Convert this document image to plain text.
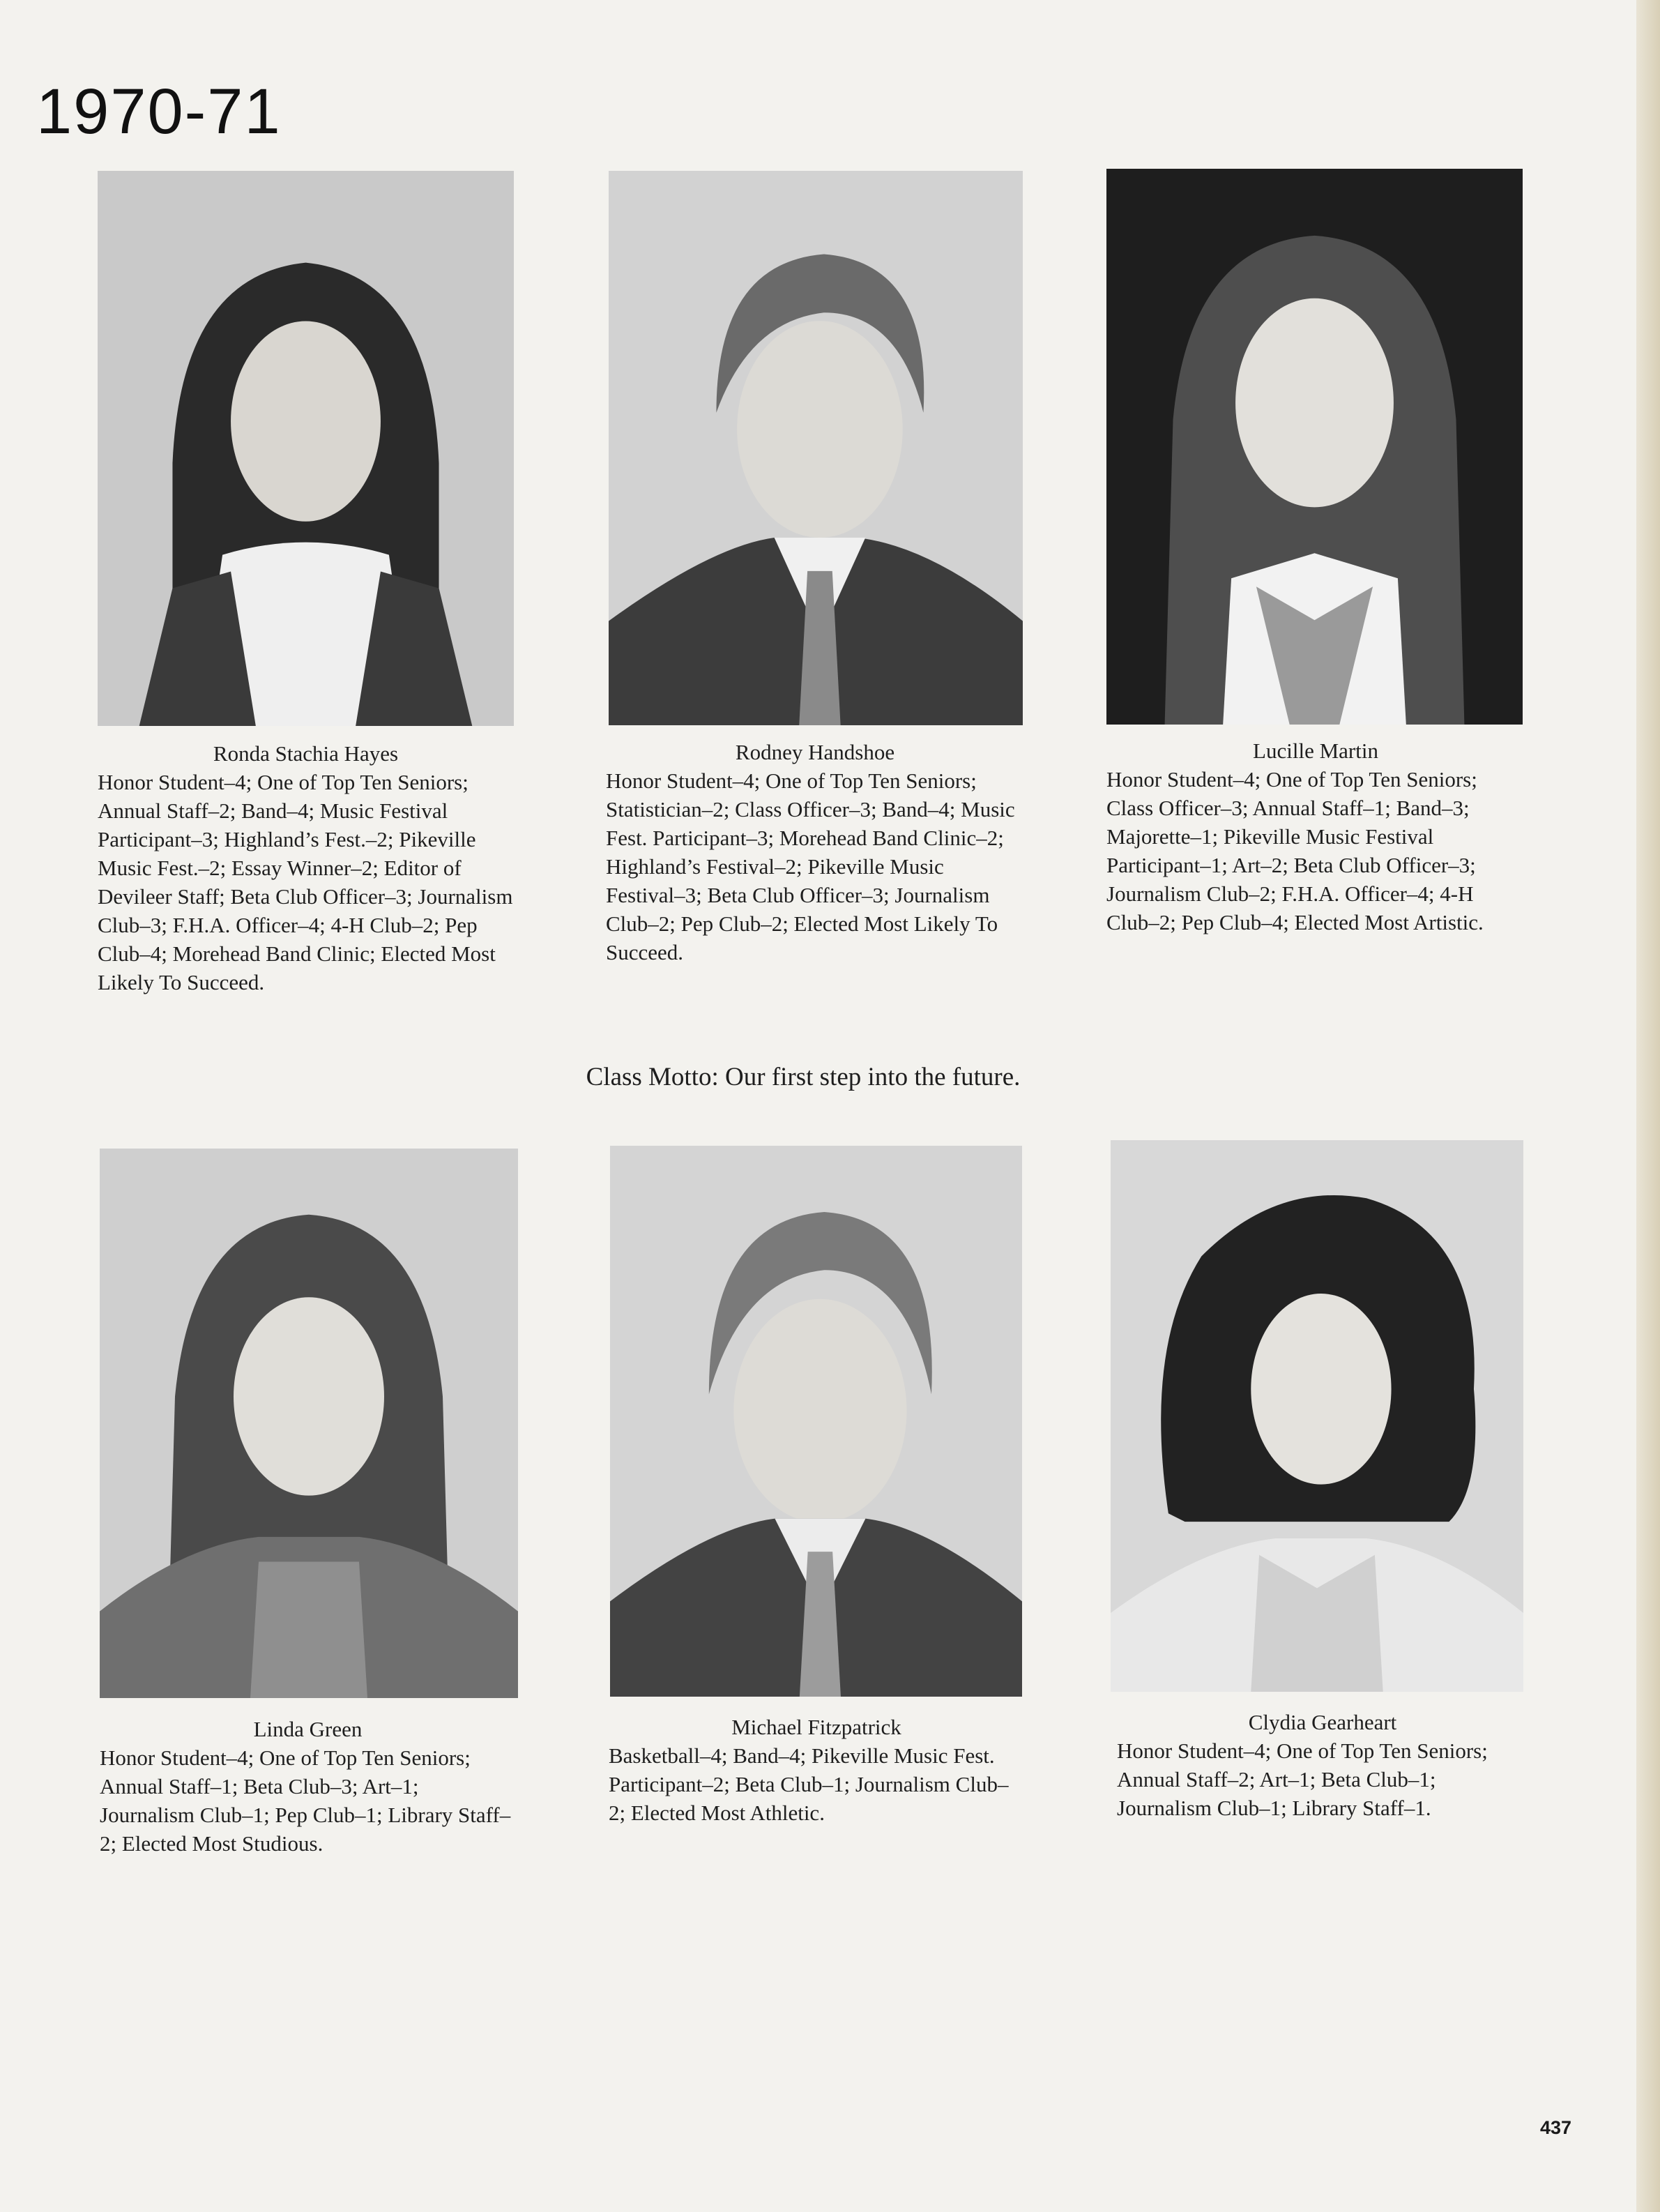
1970-71
Ronda Stachia Hayes
Honor Student–4; One of Top Ten Seniors; Annual Staff–2; Band–4; Music Festival Participant–3; Highland’s Fest.–2; Pikeville Music Fest.–2; Essay Winner–2; Editor of Devileer Staff; Beta Club Officer–3; Journalism Club–3; F.H.A. Officer–4; 4-H Club–2; Pep Club–4; Morehead Band Clinic; Elected Most Likely To Succeed.
Rodney Handshoe
Honor Student–4; One of Top Ten Seniors; Statistician–2; Class Officer–3; Band–4; Music Fest. Participant–3; Morehead Band Clinic–2; Highland’s Festival–2; Pikeville Music Festival–3; Beta Club Officer–3; Journalism Club–2; Pep Club–2; Elected Most Likely To Succeed.
Lucille Martin
Honor Student–4; One of Top Ten Seniors; Class Officer–3; Annual Staff–1; Band–3; Majorette–1; Pikeville Music Festival Participant–1; Art–2; Beta Club Officer–3; Journalism Club–2; F.H.A. Officer–4; 4-H Club–2; Pep Club–4; Elected Most Artistic.
Class Motto: Our first step into the future.
Linda Green
Honor Student–4; One of Top Ten Seniors; Annual Staff–1; Beta Club–3; Art–1; Journalism Club–1; Pep Club–1; Library Staff–2; Elected Most Studious.
Michael Fitzpatrick
Basketball–4; Band–4; Pikeville Music Fest. Participant–2; Beta Club–1; Journalism Club–2; Elected Most Athletic.
Clydia Gearheart
Honor Student–4; One of Top Ten Seniors; Annual Staff–2; Art–1; Beta Club–1; Journalism Club–1; Library Staff–1.
437
